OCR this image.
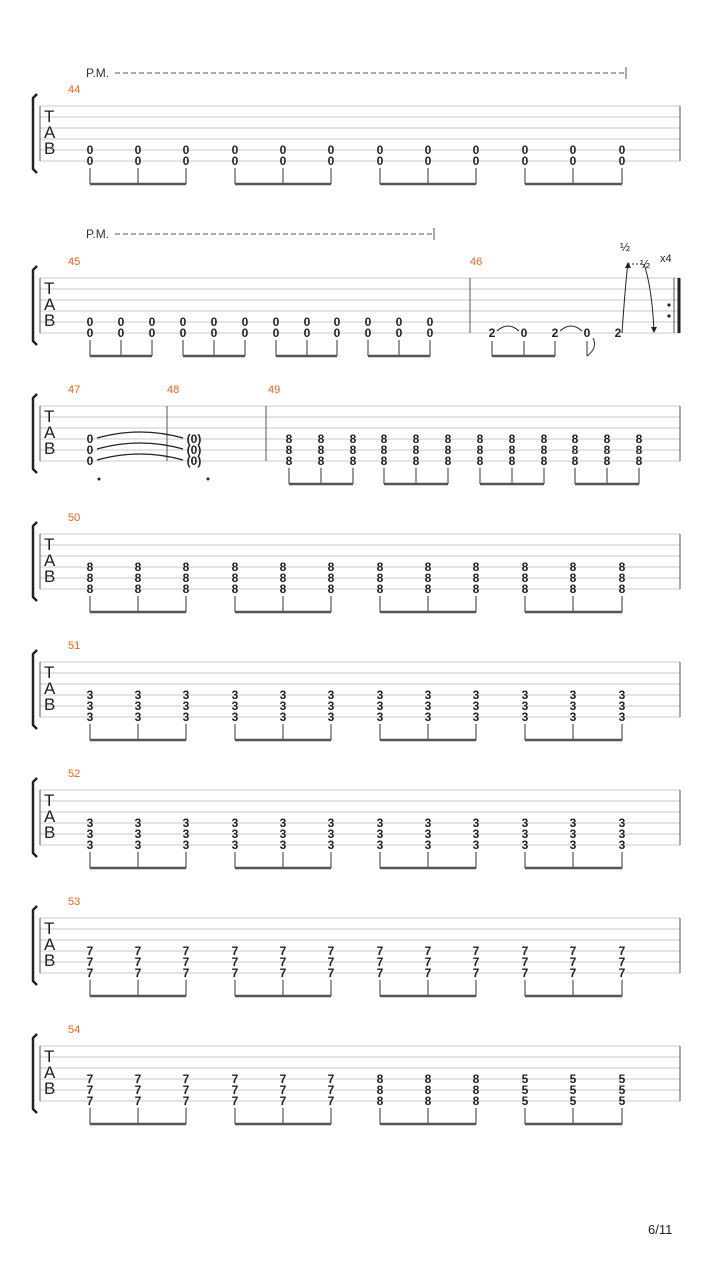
T
A
B
P.M.
44
0
0
0
0
0
0
0
0
0
0
0
0
0
0
0
0
0
0
0
0
0
0
0
0
T
A
B
P.M.
45
0
0
0
0
0
0
0
0
0
0
0
0
0
0
0
0
0
0
0
0
0
0
0
0
46
2 0 2 0 2
½
½ x4
T
A
B
47
0
0
0
48
(0)
(0)
(0)
49
8
8
8
8
8
8
8
8
8
8
8
8
8
8
8
8
8
8
8
8
8
8
8
8
8
8
8
8
8
8
8
8
8
8
8
8
T
A
B
50
8
8
8
8
8
8
8
8
8
8
8
8
8
8
8
8
8
8
8
8
8
8
8
8
8
8
8
8
8
8
8
8
8
8
8
8
T
A
B
51
3
3
3
3
3
3
3
3
3
3
3
3
3
3
3
3
3
3
3
3
3
3
3
3
3
3
3
3
3
3
3
3
3
3
3
3
T
A
B
52
3
3
3
3
3
3
3
3
3
3
3
3
3
3
3
3
3
3
3
3
3
3
3
3
3
3
3
3
3
3
3
3
3
3
3
3
T
A
B
53
7
7
7
7
7
7
7
7
7
7
7
7
7
7
7
7
7
7
7
7
7
7
7
7
7
7
7
7
7
7
7
7
7
7
7
7
T
A
B
54
7
7
7
7
7
7
7
7
7
7
7
7
7
7
7
7
7
7
8
8
8
8
8
8
8
8
8
5
5
5
5
5
5
5
5
5
6/11
